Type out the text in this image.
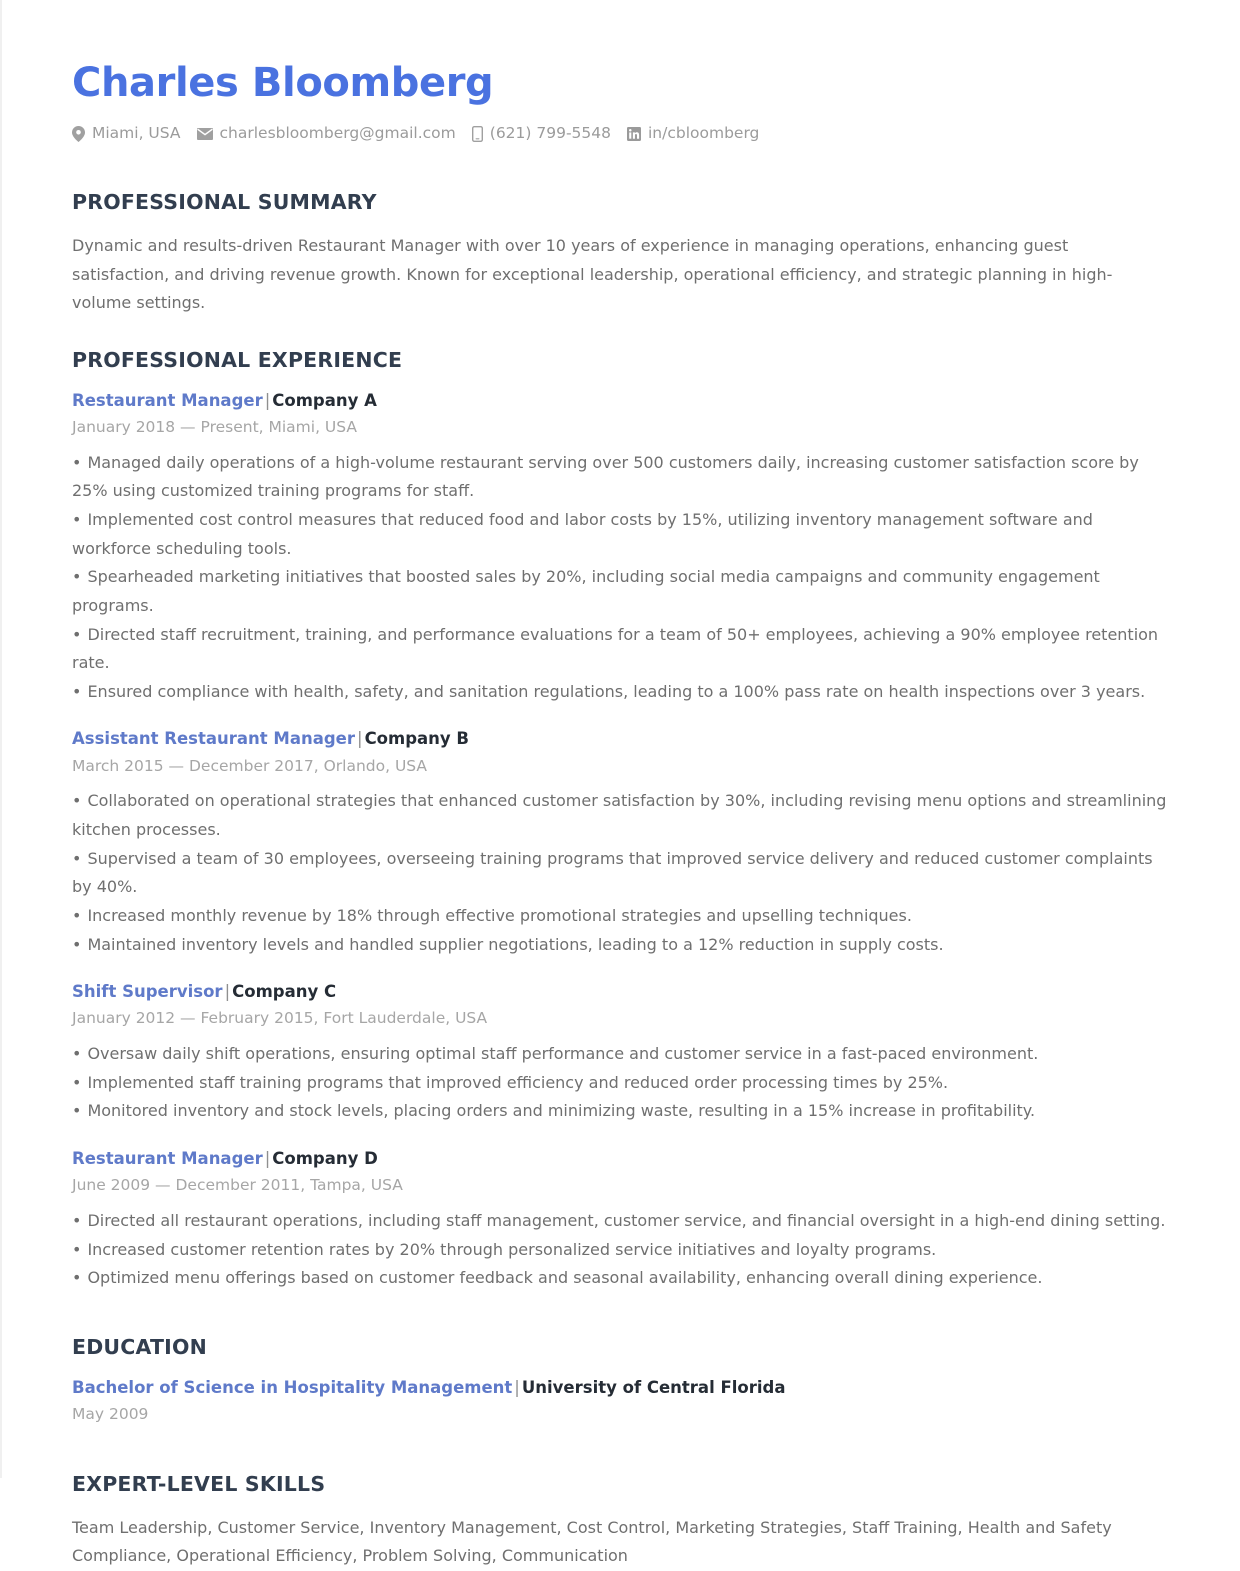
Charles Bloomberg
Miami, USA	charlesbloomberg@gmail.com (621) 799-5548 in/cbloomberg
PROFESSIONAL SUMMARY

Dynamic and results-driven Restaurant Manager with over 10 years of experience in managing operations, enhancing guest satisfaction, and driving revenue growth. Known for exceptional leadership, operational efficiency, and strategic planning in high-volume settings.

PROFESSIONAL EXPERIENCE
Restaurant Manager | Company A
January 2018 — Present, Miami, USA
• Managed daily operations of a high-volume restaurant serving over 500 customers daily, increasing customer satisfaction score by 25% using customized training programs for staff.
• Implemented cost control measures that reduced food and labor costs by 15%, utilizing inventory management software and workforce scheduling tools.
• Spearheaded marketing initiatives that boosted sales by 20%, including social media campaigns and community engagement programs.
• Directed staff recruitment, training, and performance evaluations for a team of 50+ employees, achieving a 90% employee retention rate.
• Ensured compliance with health, safety, and sanitation regulations, leading to a 100% pass rate on health inspections over 3 years.
Assistant Restaurant Manager | Company B
March 2015 — December 2017, Orlando, USA
• Collaborated on operational strategies that enhanced customer satisfaction by 30%, including revising menu options and streamlining kitchen processes.
• Supervised a team of 30 employees, overseeing training programs that improved service delivery and reduced customer complaints by 40%.
• Increased monthly revenue by 18% through effective promotional strategies and upselling techniques.
• Maintained inventory levels and handled supplier negotiations, leading to a 12% reduction in supply costs.
Shift Supervisor | Company C
January 2012 — February 2015, Fort Lauderdale, USA
• Oversaw daily shift operations, ensuring optimal staff performance and customer service in a fast-paced environment.
• Implemented staff training programs that improved efficiency and reduced order processing times by 25%.
• Monitored inventory and stock levels, placing orders and minimizing waste, resulting in a 15% increase in profitability.
Restaurant Manager | Company D
June 2009 — December 2011, Tampa, USA
• Directed all restaurant operations, including staff management, customer service, and financial oversight in a high-end dining setting.
• Increased customer retention rates by 20% through personalized service initiatives and loyalty programs.
• Optimized menu offerings based on customer feedback and seasonal availability, enhancing overall dining experience.
EDUCATION
Bachelor of Science in Hospitality Management | University of Central Florida
May 2009
EXPERT-LEVEL SKILLS

Team Leadership, Customer Service, Inventory Management, Cost Control, Marketing Strategies, Staff Training, Health and Safety Compliance, Operational Efficiency, Problem Solving, Communication
